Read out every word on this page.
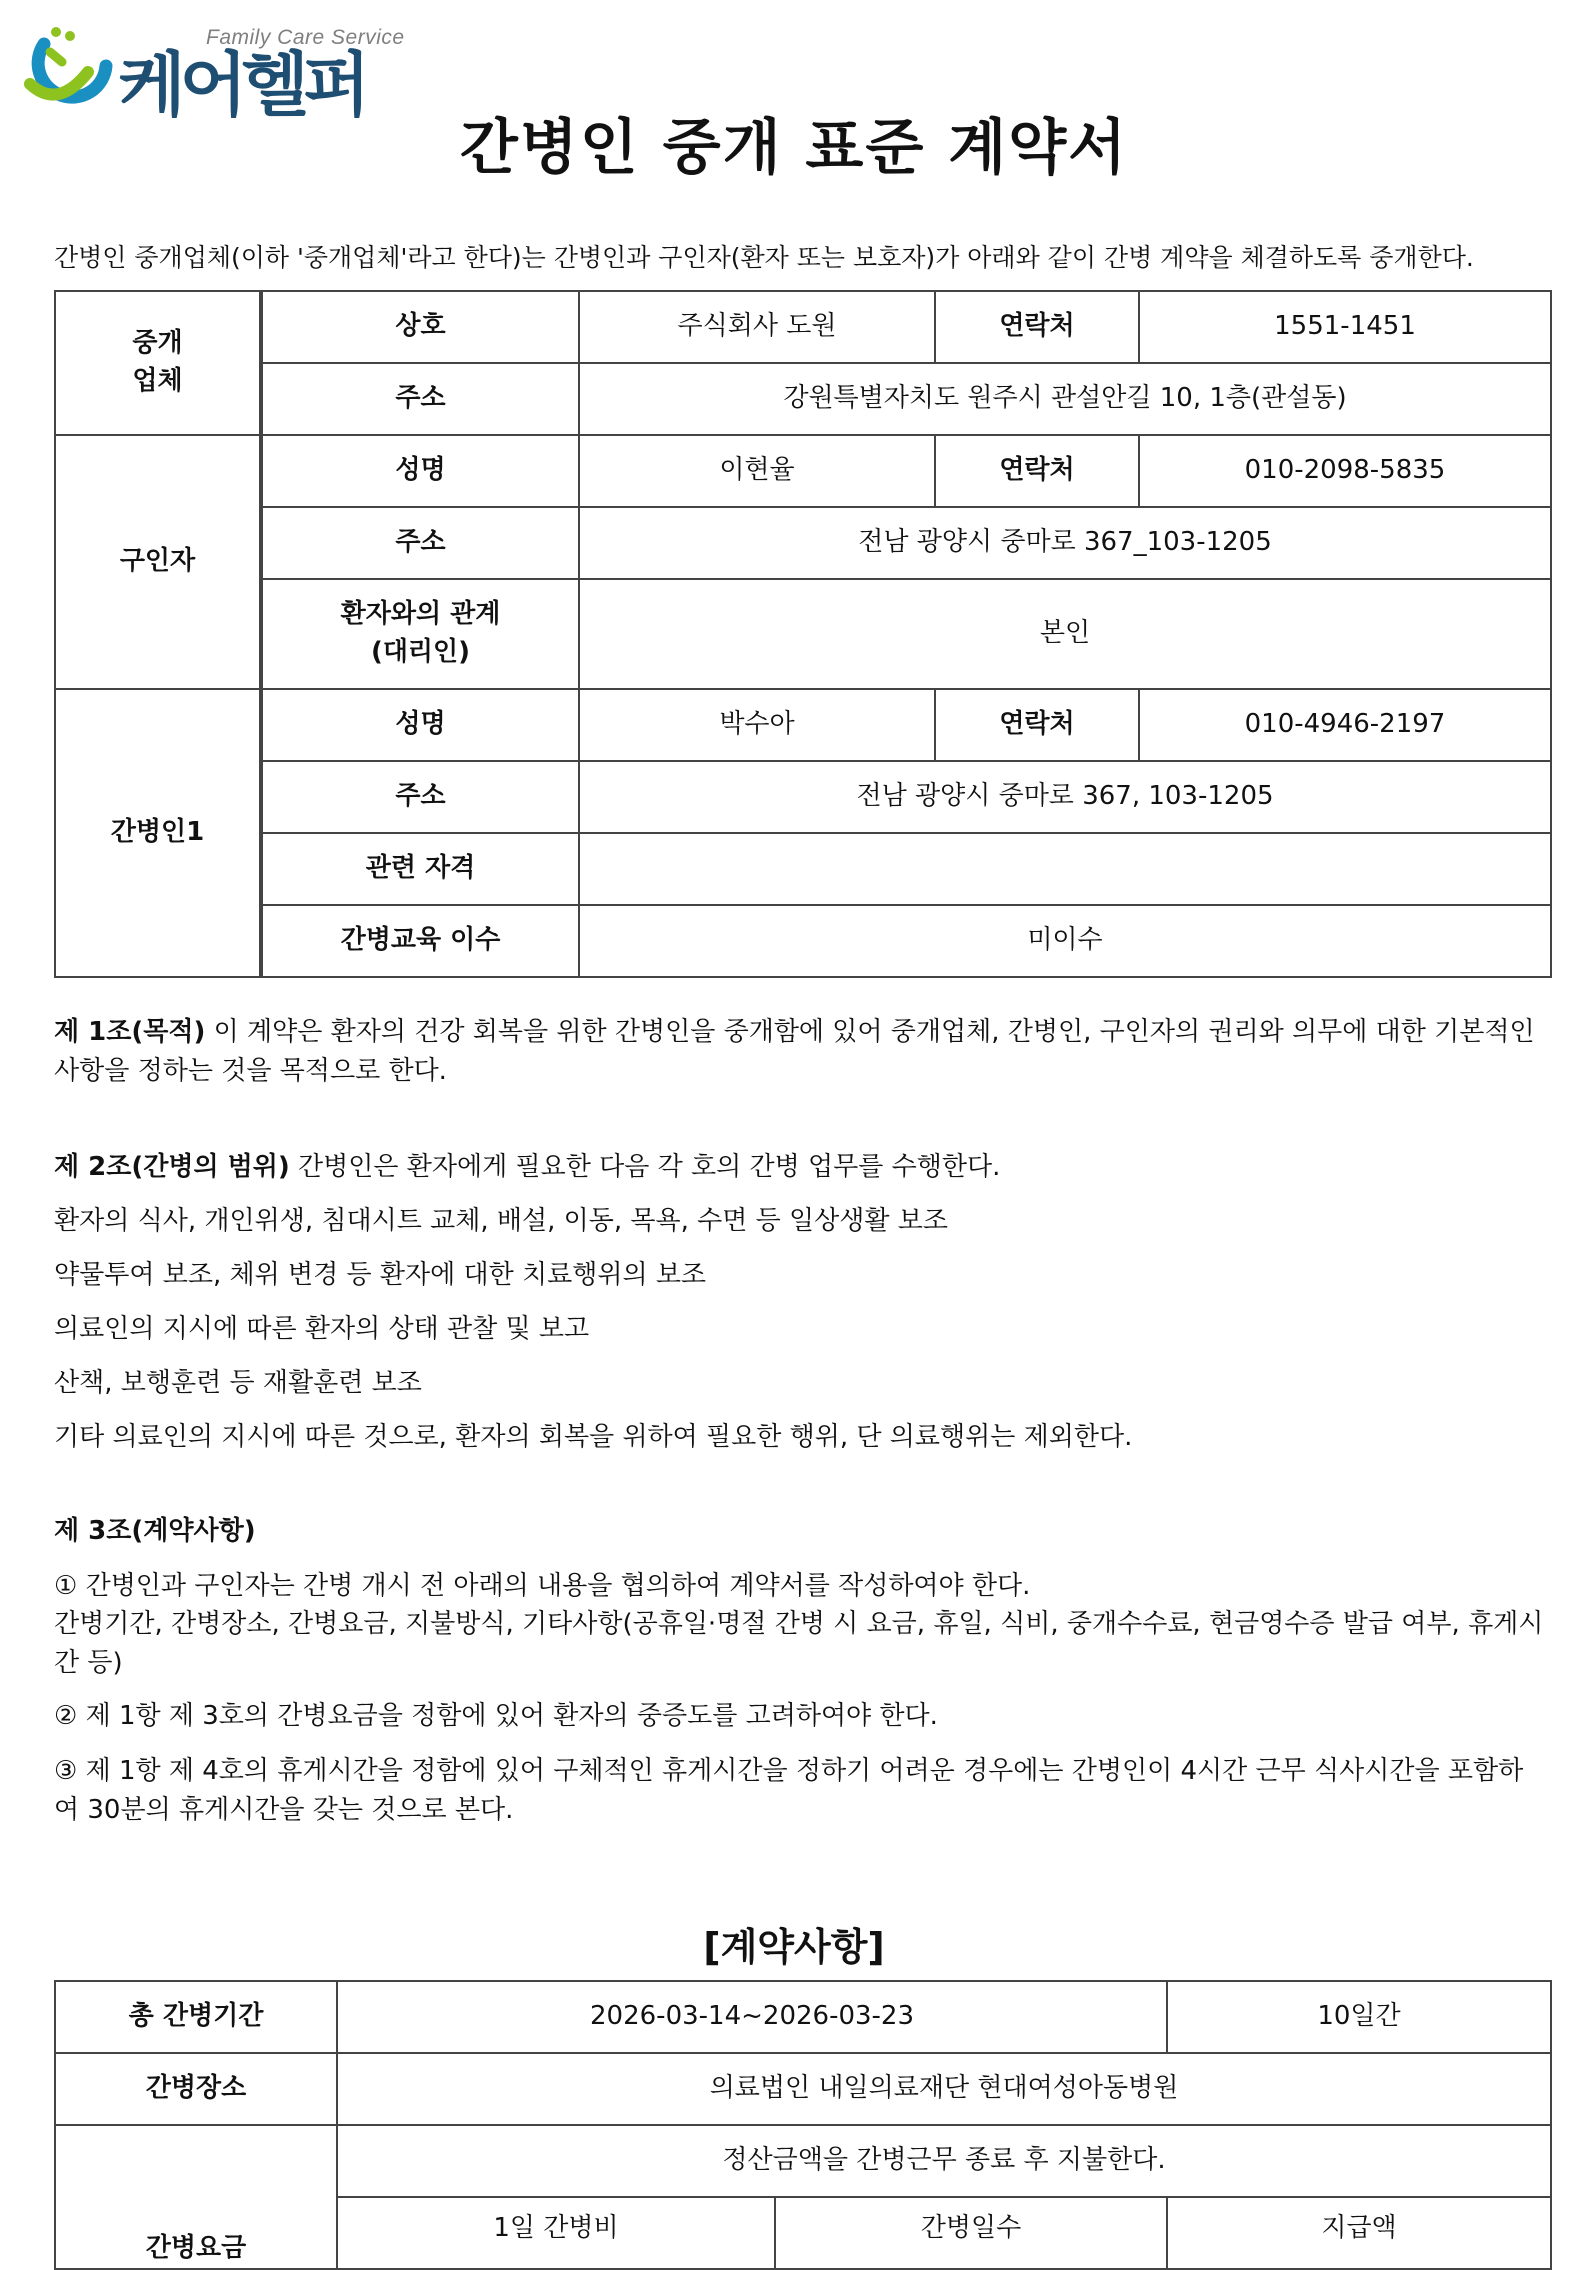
Family Care Service
케어헬퍼
간병인 중개 표준 계약서

간병인 중개업체(이하 '중개업체'라고 한다)는 간병인과 구인자(환자 또는 보호자)가 아래와 같이 간병 계약을 체결하도록 중개한다.

중개
업체	상호	주식회사 도원	연락처	1551-1451
	주소	강원특별자치도 원주시 관설안길 10, 1층(관설동)		
구인자	성명	이현율	연락처	010-2098-5835
	주소	전남 광양시 중마로 367_103-1205		
	환자와의 관계
(대리인)	본인		
간병인1	성명	박수아	연락처	010-4946-2197
	주소	전남 광양시 중마로 367, 103-1205		
	관련 자격			
	간병교육 이수	미이수		

제 1조(목적) 이 계약은 환자의 건강 회복을 위한 간병인을 중개함에 있어 중개업체, 간병인, 구인자의 권리와 의무에 대한 기본적인 사항을 정하는 것을 목적으로 한다.

제 2조(간병의 범위) 간병인은 환자에게 필요한 다음 각 호의 간병 업무를 수행한다.

환자의 식사, 개인위생, 침대시트 교체, 배설, 이동, 목욕, 수면 등 일상생활 보조

약물투여 보조, 체위 변경 등 환자에 대한 치료행위의 보조

의료인의 지시에 따른 환자의 상태 관찰 및 보고

산책, 보행훈련 등 재활훈련 보조

기타 의료인의 지시에 따른 것으로, 환자의 회복을 위하여 필요한 행위, 단 의료행위는 제외한다.

제 3조(계약사항)

① 간병인과 구인자는 간병 개시 전 아래의 내용을 협의하여 계약서를 작성하여야 한다.

간병기간, 간병장소, 간병요금, 지불방식, 기타사항(공휴일·명절 간병 시 요금, 휴일, 식비, 중개수수료, 현금영수증 발급 여부, 휴게시간 등)

② 제 1항 제 3호의 간병요금을 정함에 있어 환자의 중증도를 고려하여야 한다.

③ 제 1항 제 4호의 휴게시간을 정함에 있어 구체적인 휴게시간을 정하기 어려운 경우에는 간병인이 4시간 근무 식사시간을 포함하여 30분의 휴게시간을 갖는 것으로 본다.

[계약사항]
총 간병기간	2026-03-14~2026-03-23		10일간
간병장소	의료법인 내일의료재단 현대여성아동병원		
간병요금	정산금액을 간병근무 종료 후 지불한다.		
	1일 간병비	간병일수	지급액
